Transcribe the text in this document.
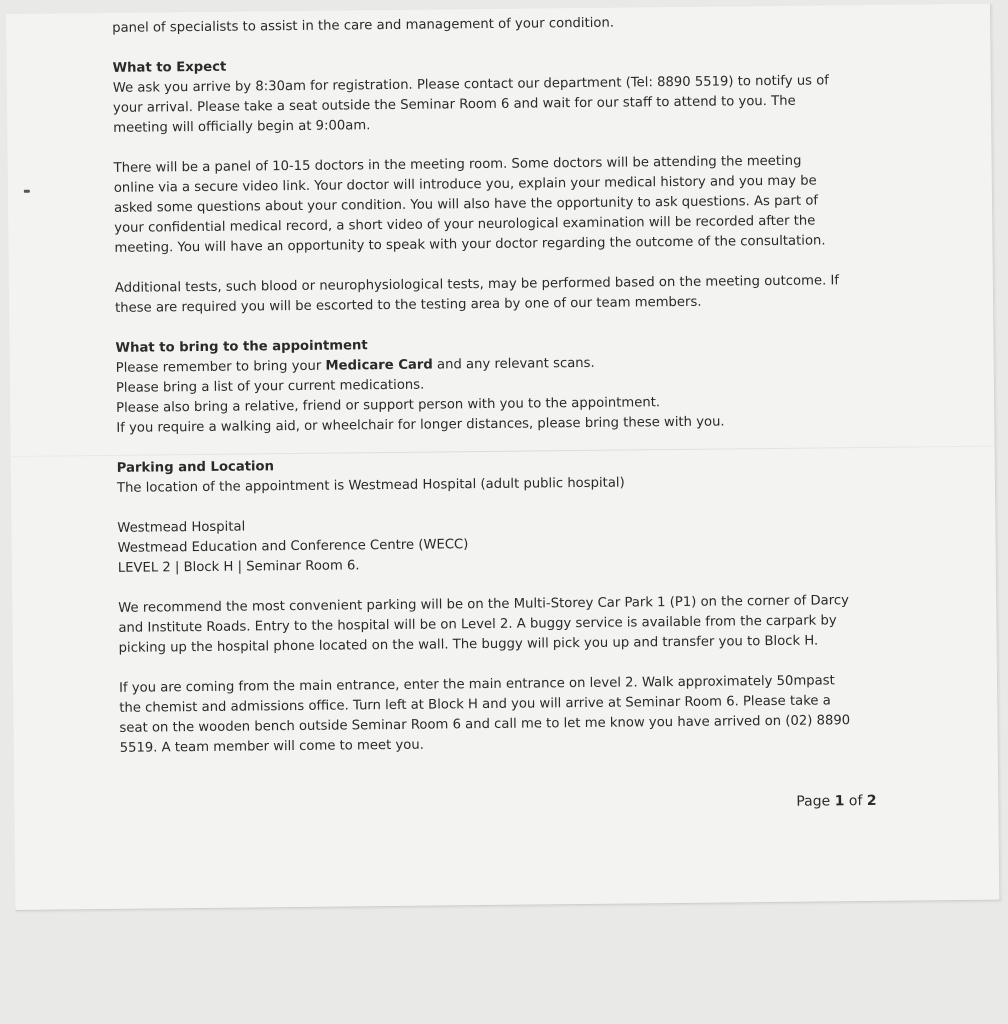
panel of specialists to assist in the care and management of your condition.

What to Expect

We ask you arrive by 8:30am for registration. Please contact our department (Tel: 8890 5519) to notify us of

your arrival. Please take a seat outside the Seminar Room 6 and wait for our staff to attend to you. The

meeting will officially begin at 9:00am.

There will be a panel of 10-15 doctors in the meeting room. Some doctors will be attending the meeting

online via a secure video link. Your doctor will introduce you, explain your medical history and you may be

asked some questions about your condition. You will also have the opportunity to ask questions. As part of

your confidential medical record, a short video of your neurological examination will be recorded after the

meeting. You will have an opportunity to speak with your doctor regarding the outcome of the consultation.

Additional tests, such blood or neurophysiological tests, may be performed based on the meeting outcome. If

these are required you will be escorted to the testing area by one of our team members.

What to bring to the appointment

Please remember to bring your Medicare Card and any relevant scans.

Please bring a list of your current medications.

Please also bring a relative, friend or support person with you to the appointment.

If you require a walking aid, or wheelchair for longer distances, please bring these with you.

Parking and Location

The location of the appointment is Westmead Hospital (adult public hospital)

Westmead Hospital

Westmead Education and Conference Centre (WECC)

LEVEL 2 | Block H | Seminar Room 6.

We recommend the most convenient parking will be on the Multi-Storey Car Park 1 (P1) on the corner of Darcy

and Institute Roads. Entry to the hospital will be on Level 2. A buggy service is available from the carpark by

picking up the hospital phone located on the wall. The buggy will pick you up and transfer you to Block H.

If you are coming from the main entrance, enter the main entrance on level 2. Walk approximately 50mpast

the chemist and admissions office. Turn left at Block H and you will arrive at Seminar Room 6. Please take a

seat on the wooden bench outside Seminar Room 6 and call me to let me know you have arrived on (02) 8890

5519. A team member will come to meet you.

Page 1 of 2
